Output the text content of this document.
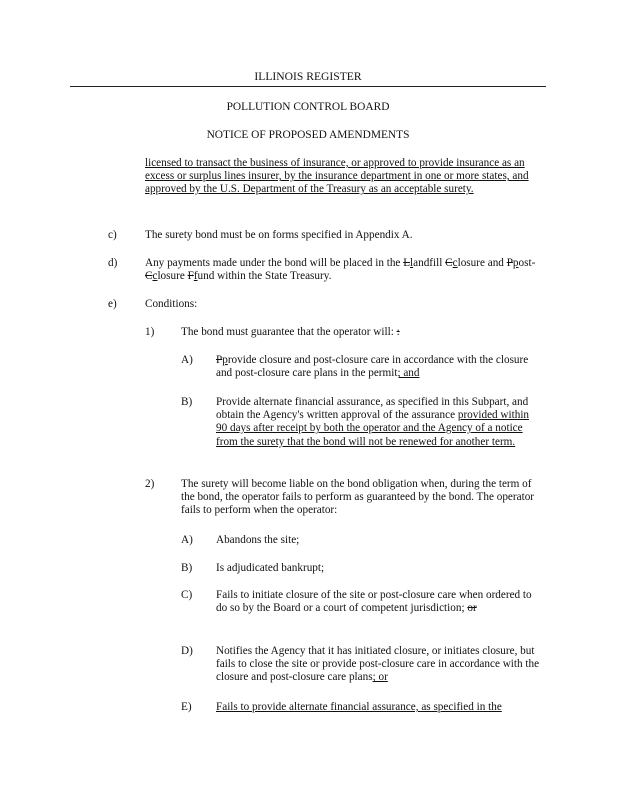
ILLINOIS REGISTER
POLLUTION CONTROL BOARD
NOTICE OF PROPOSED AMENDMENTS
licensed to transact the business of insurance, or approved to provide insurance as an excess or surplus lines insurer, by the insurance department in one or more states, and approved by the U.S. Department of the Treasury as an acceptable surety.
c)	The surety bond must be on forms specified in Appendix A.
d) Any payments made under the bond will be placed in the Llandfill Cclosure and Ppost-Cclosure Ffund within the State Treasury.
e)	Conditions:
1) The bond must guarantee that the operator will: :
A) Pprovide closure and post-closure care in accordance with the closure and post-closure care plans in the permit; and
B) Provide alternate financial assurance, as specified in this Subpart, and obtain the Agency's written approval of the assurance provided within 90 days after receipt by both the operator and the Agency of a notice from the surety that the bond will not be renewed for another term.
2) The surety will become liable on the bond obligation when, during the term of the bond, the operator fails to perform as guaranteed by the bond. The operator fails to perform when the operator:
A) Abandons the site;
B) Is adjudicated bankrupt;
C) Fails to initiate closure of the site or post-closure care when ordered to do so by the Board or a court of competent jurisdiction; or
D) Notifies the Agency that it has initiated closure, or initiates closure, but fails to close the site or provide post-closure care in accordance with the closure and post-closure care plans; or
E) Fails to provide alternate financial assurance, as specified in the
